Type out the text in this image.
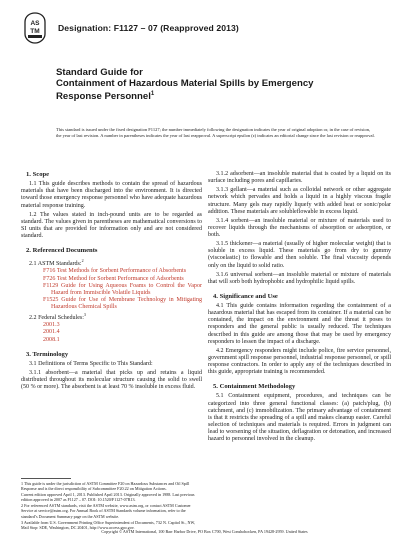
AS
TM Designation: F1127 – 07 (Reapproved 2013)
Standard Guide for
Containment of Hazardous Material Spills by Emergency
Response Personnel$^1$

This standard is issued under the fixed designation F1127; the number immediately following the designation indicates the year of original adoption or, in the case of revision, the year of last revision. A number in parentheses indicates the year of last reapproval. A superscript epsilon (ε) indicates an editorial change since the last revision or reapproval.

1. Scope

1.1 This guide describes methods to contain the spread of hazardous materials that have been discharged into the environment. It is directed toward those emergency response personnel who have adequate hazardous material response training.

1.2 The values stated in inch-pound units are to be regarded as standard. The values given in parentheses are mathematical conversions to SI units that are provided for information only and are not considered standard.

2. Referenced Documents

2.1 ASTM Standards:$^2$

F716 Test Methods for Sorbent Performance of Absorbents

F726 Test Method for Sorbent Performance of Adsorbents

F1129 Guide for Using Aqueous Foams to Control the Vapor Hazard from Immiscible Volatile Liquids

F1525 Guide for Use of Membrane Technology in Mitigating Hazardous Chemical Spills

2.2 Federal Schedules:$^3$

2001.3

2001.4

2008.1

3. Terminology

3.1 Definitions of Terms Specific to This Standard:

3.1.1 absorbent—a material that picks up and retains a liquid distributed throughout its molecular structure causing the solid to swell (50 % or more). The absorbent is at least 70 % insoluble in excess fluid.

3.1.2 adsorbent—an insoluble material that is coated by a liquid on its surface including pores and capillaries.

3.1.3 gellant—a material such as colloidal network or other aggregate network which pervades and holds a liquid in a highly viscous fragile structure. Many gels may rapidly liquefy with added heat or sonic/polar addition. These materials are solubleflowable in excess liquid.

3.1.4 sorbent—an insoluble material or mixture of materials used to recover liquids through the mechanisms of absorption or adsorption, or both.

3.1.5 thickener—a material (usually of higher molecular weight) that is soluble in excess liquid. These materials go from dry to gummy (viscoelastic) to flowable and then soluble. The final viscosity depends only on the liquid to solid ratio.

3.1.6 universal sorbent—an insoluble material or mixture of materials that will sorb both hydrophobic and hydrophilic liquid spills.

4. Significance and Use

4.1 This guide contains information regarding the containment of a hazardous material that has escaped from its container. If a material can be contained, the impact on the environment and the threat it poses to responders and the general public is usually reduced. The techniques described in this guide are among those that may be used by emergency responders to lessen the impact of a discharge.

4.2 Emergency responders might include police, fire service personnel, government spill response personnel, industrial response personnel, or spill response contractors. In order to apply any of the techniques described in this guide, appropriate training is recommended.

5. Containment Methodology

5.1 Containment equipment, procedures, and techniques can be categorized into three general functional classes: (a) patch/plug, (b) catchment, and (c) immobilization. The primary advantage of containment is that it restricts the spreading of a spill and makes cleanup easier. Careful selection of techniques and materials is required. Errors in judgment can lead to worsening of the situation, deflagration or detonation, and increased hazard to personnel involved in the cleanup.

1 This guide is under the jurisdiction of ASTM Committee F20 on Hazardous Substances and Oil Spill Response and is the direct responsibility of Subcommittee F20.22 on Mitigation Actions.

Current edition approved April 1, 2013. Published April 2013. Originally approved in 1988. Last previous edition approved in 2007 as F1127 – 07. DOI: 10.1520/F1127-07R13.

2 For referenced ASTM standards, visit the ASTM website, www.astm.org, or contact ASTM Customer Service at service@astm.org. For Annual Book of ASTM Standards volume information, refer to the standard’s Document Summary page on the ASTM website.

3 Available from U.S. Government Printing Office Superintendent of Documents, 732 N. Capitol St., NW, Mail Stop: SDE, Washington, DC 20401, http://www.access.gpo.gov.

Copyright © ASTM International, 100 Barr Harbor Drive, PO Box C700, West Conshohocken, PA 19428-2959. United States
